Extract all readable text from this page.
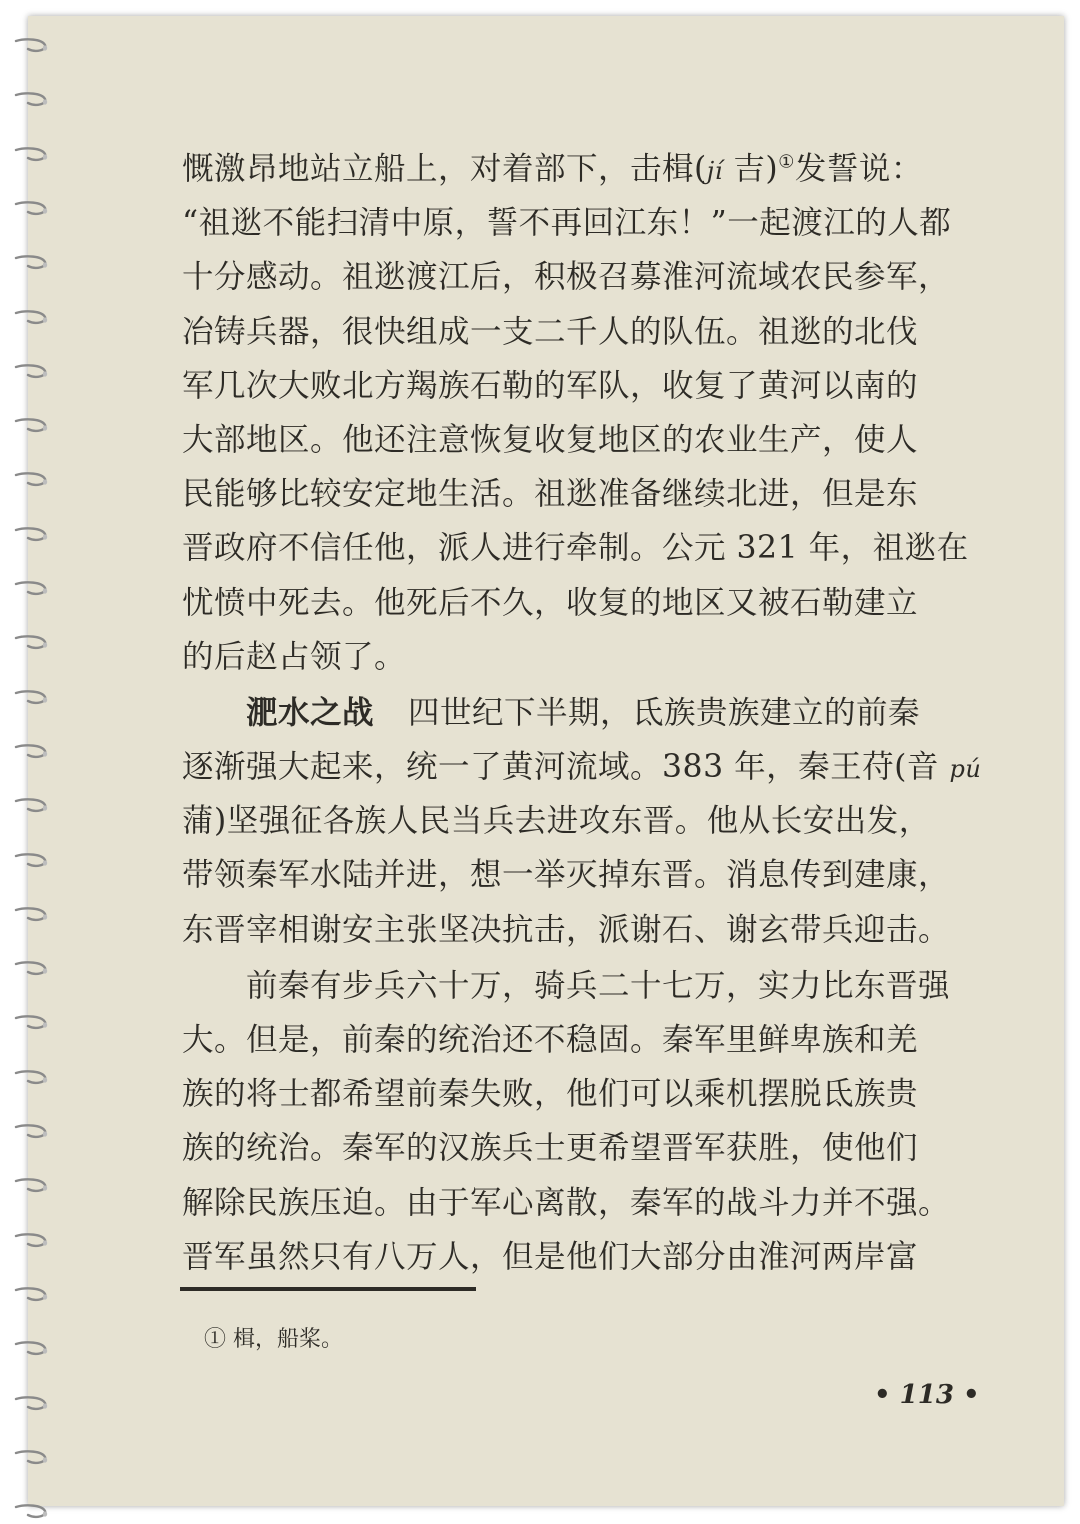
慨激昂地站立船上，对着部下，击楫(jí 吉)①发誓说：
“祖逖不能扫清中原，誓不再回江东！”一起渡江的人都
十分感动。祖逖渡江后，积极召募淮河流域农民参军，
冶铸兵器，很快组成一支二千人的队伍。祖逖的北伐
军几次大败北方羯族石勒的军队，收复了黄河以南的
大部地区。他还注意恢复收复地区的农业生产，使人
民能够比较安定地生活。祖逖准备继续北进，但是东
晋政府不信任他，派人进行牵制。公元 321 年，祖逖在
忧愤中死去。他死后不久，收复的地区又被石勒建立
的后赵占领了。
淝水之战 四世纪下半期，氐族贵族建立的前秦
逐渐强大起来，统一了黄河流域。383 年，秦王苻(音 pú
蒲)坚强征各族人民当兵去进攻东晋。他从长安出发，
带领秦军水陆并进，想一举灭掉东晋。消息传到建康，
东晋宰相谢安主张坚决抗击，派谢石、谢玄带兵迎击。
前秦有步兵六十万，骑兵二十七万，实力比东晋强
大。但是，前秦的统治还不稳固。秦军里鲜卑族和羌
族的将士都希望前秦失败，他们可以乘机摆脱氐族贵
族的统治。秦军的汉族兵士更希望晋军获胜，使他们
解除民族压迫。由于军心离散，秦军的战斗力并不强。
晋军虽然只有八万人，但是他们大部分由淮河两岸富
① 楫，船桨。
• 113 •
